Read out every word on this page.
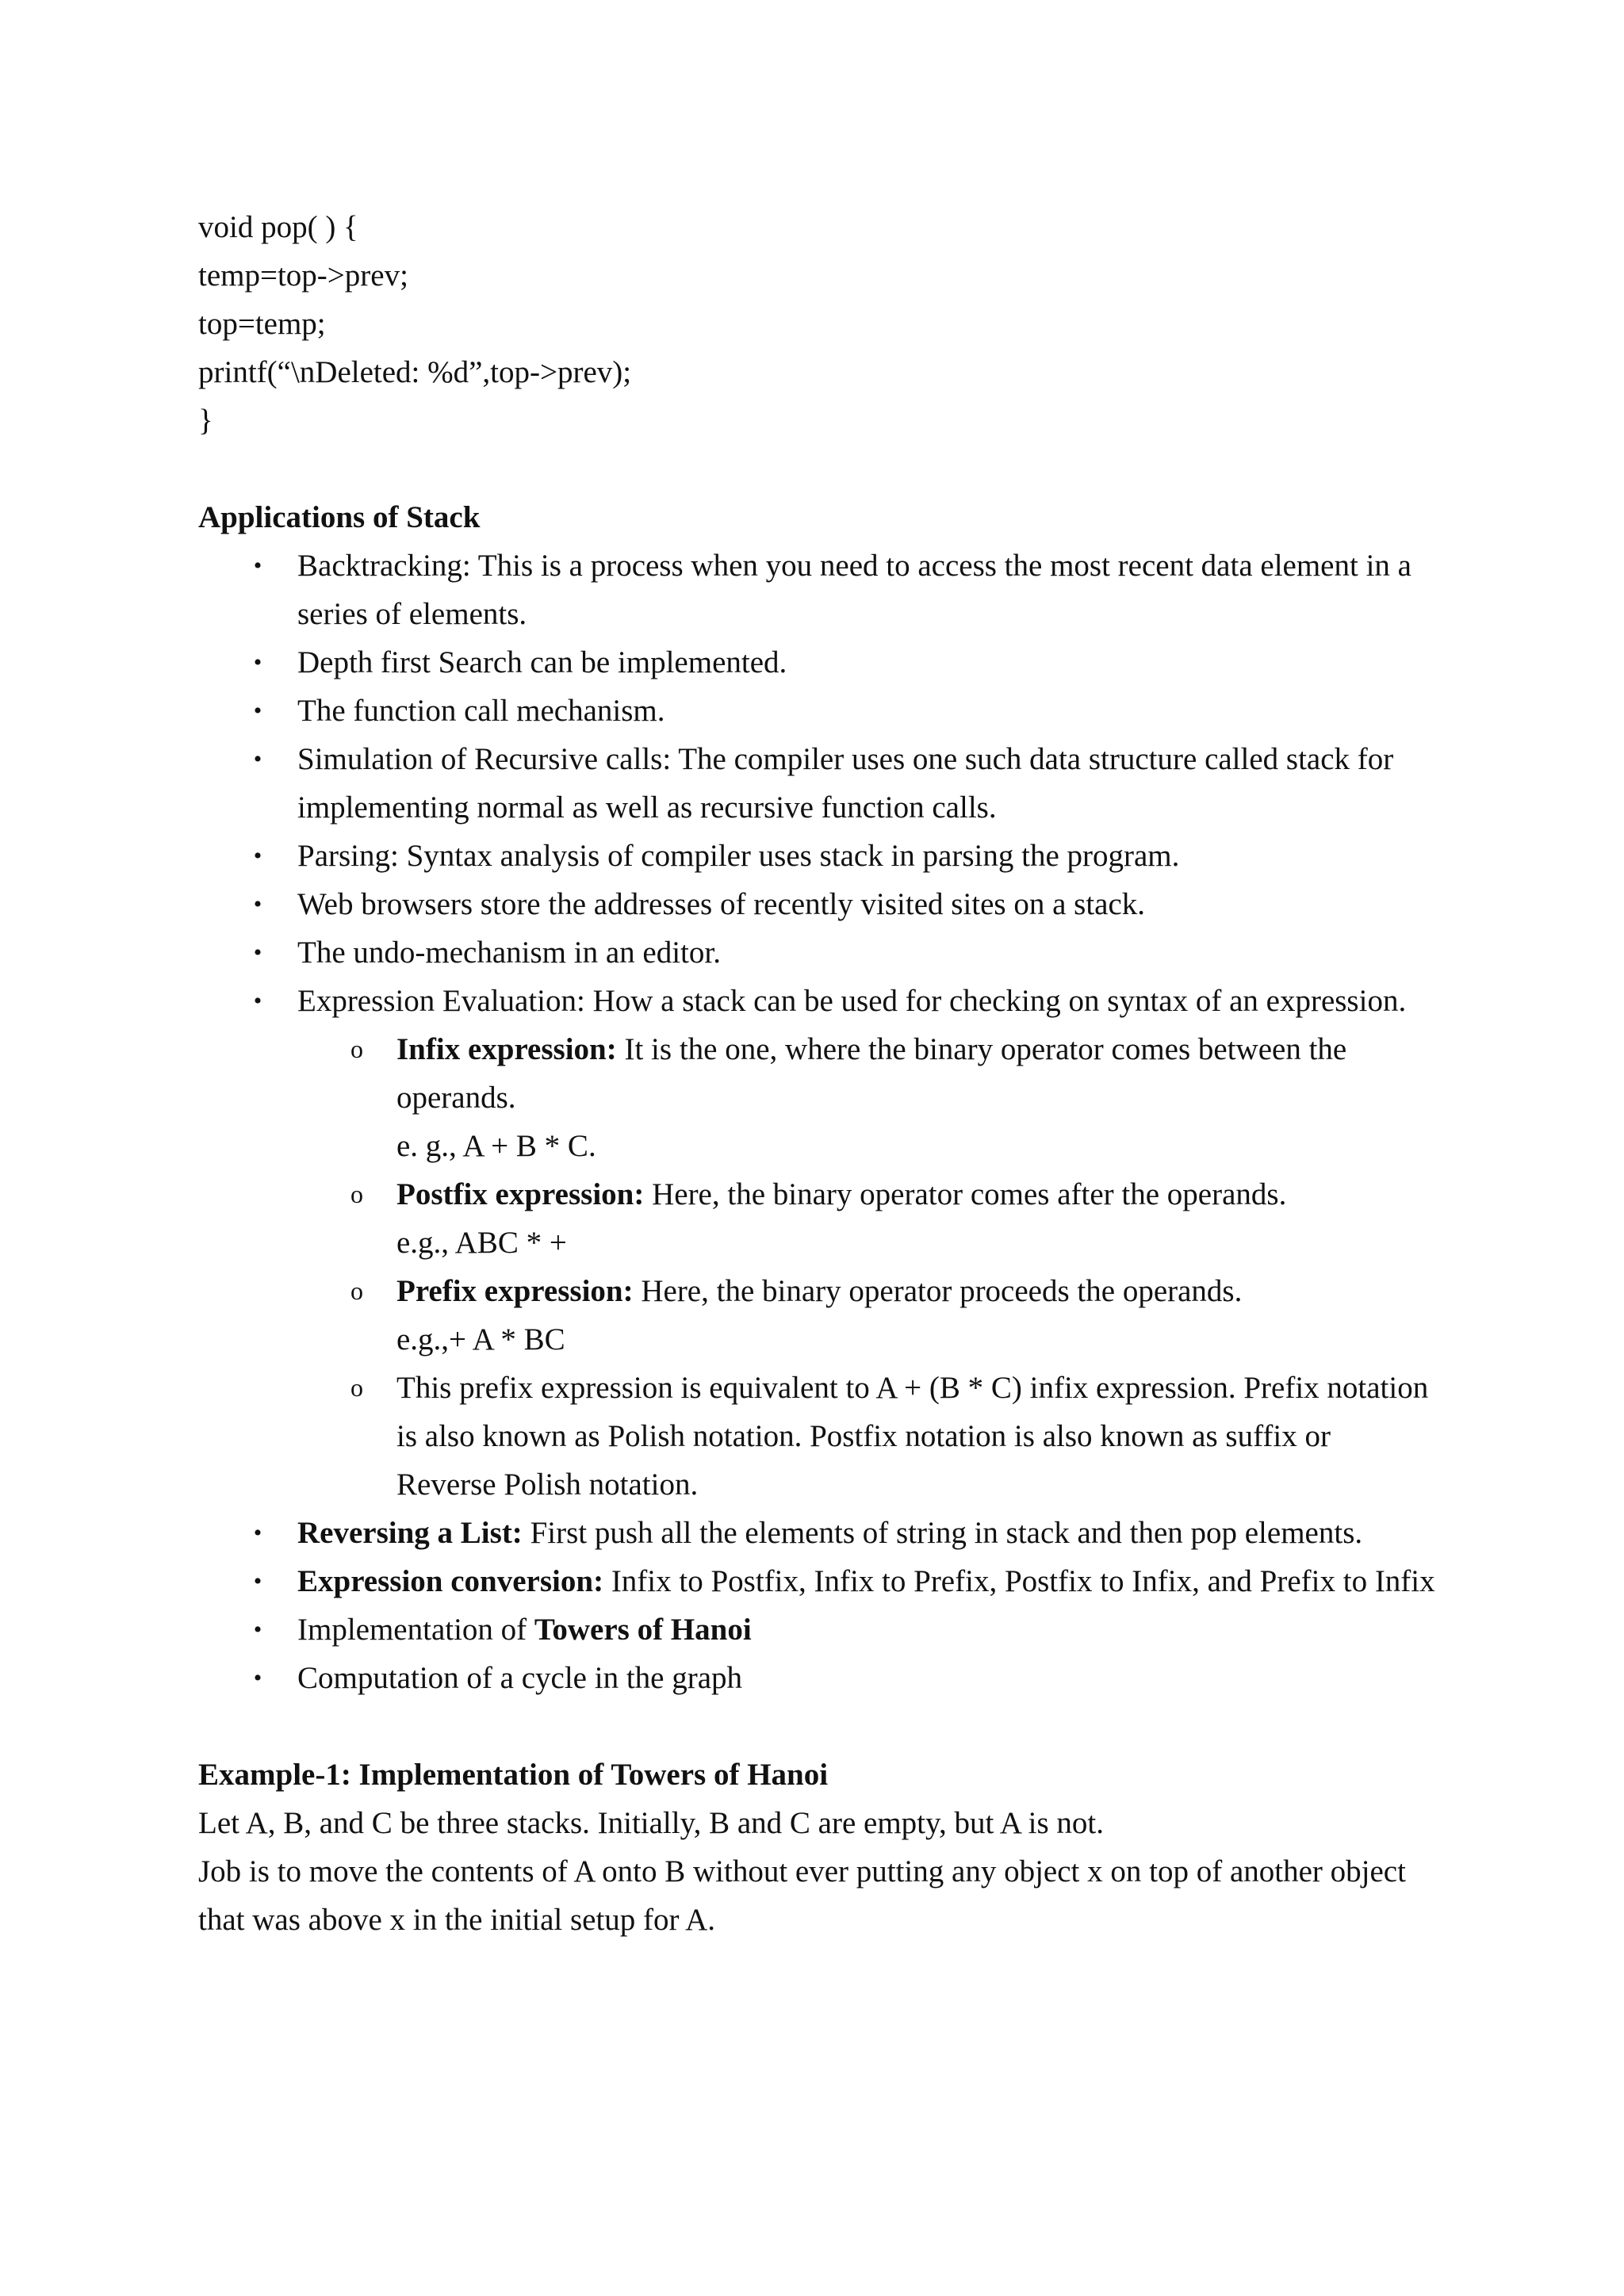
void pop( ) {

temp=top->prev;

top=temp;

printf(“\nDeleted: %d”,top->prev);

}

Applications of Stack

• Backtracking: This is a process when you need to access the most recent data element in a series of elements.
• Depth first Search can be implemented.
• The function call mechanism.
• Simulation of Recursive calls: The compiler uses one such data structure called stack for implementing normal as well as recursive function calls.
• Parsing: Syntax analysis of compiler uses stack in parsing the program.
• Web browsers store the addresses of recently visited sites on a stack.
• The undo-mechanism in an editor.
• Expression Evaluation: How a stack can be used for checking on syntax of an expression.
o Infix expression: It is the one, where the binary operator comes between the operands.
e. g., A + B * C.
o Postfix expression: Here, the binary operator comes after the operands.
e.g., ABC * +
o Prefix expression: Here, the binary operator proceeds the operands.
e.g.,+ A * BC
o This prefix expression is equivalent to A + (B * C) infix expression. Prefix notation is also known as Polish notation. Postfix notation is also known as suffix or Reverse Polish notation.
• Reversing a List: First push all the elements of string in stack and then pop elements.
• Expression conversion: Infix to Postfix, Infix to Prefix, Postfix to Infix, and Prefix to Infix
• Implementation of Towers of Hanoi
• Computation of a cycle in the graph

Example-1: Implementation of Towers of Hanoi

Let A, B, and C be three stacks. Initially, B and C are empty, but A is not.

Job is to move the contents of A onto B without ever putting any object x on top of another object that was above x in the initial setup for A.
